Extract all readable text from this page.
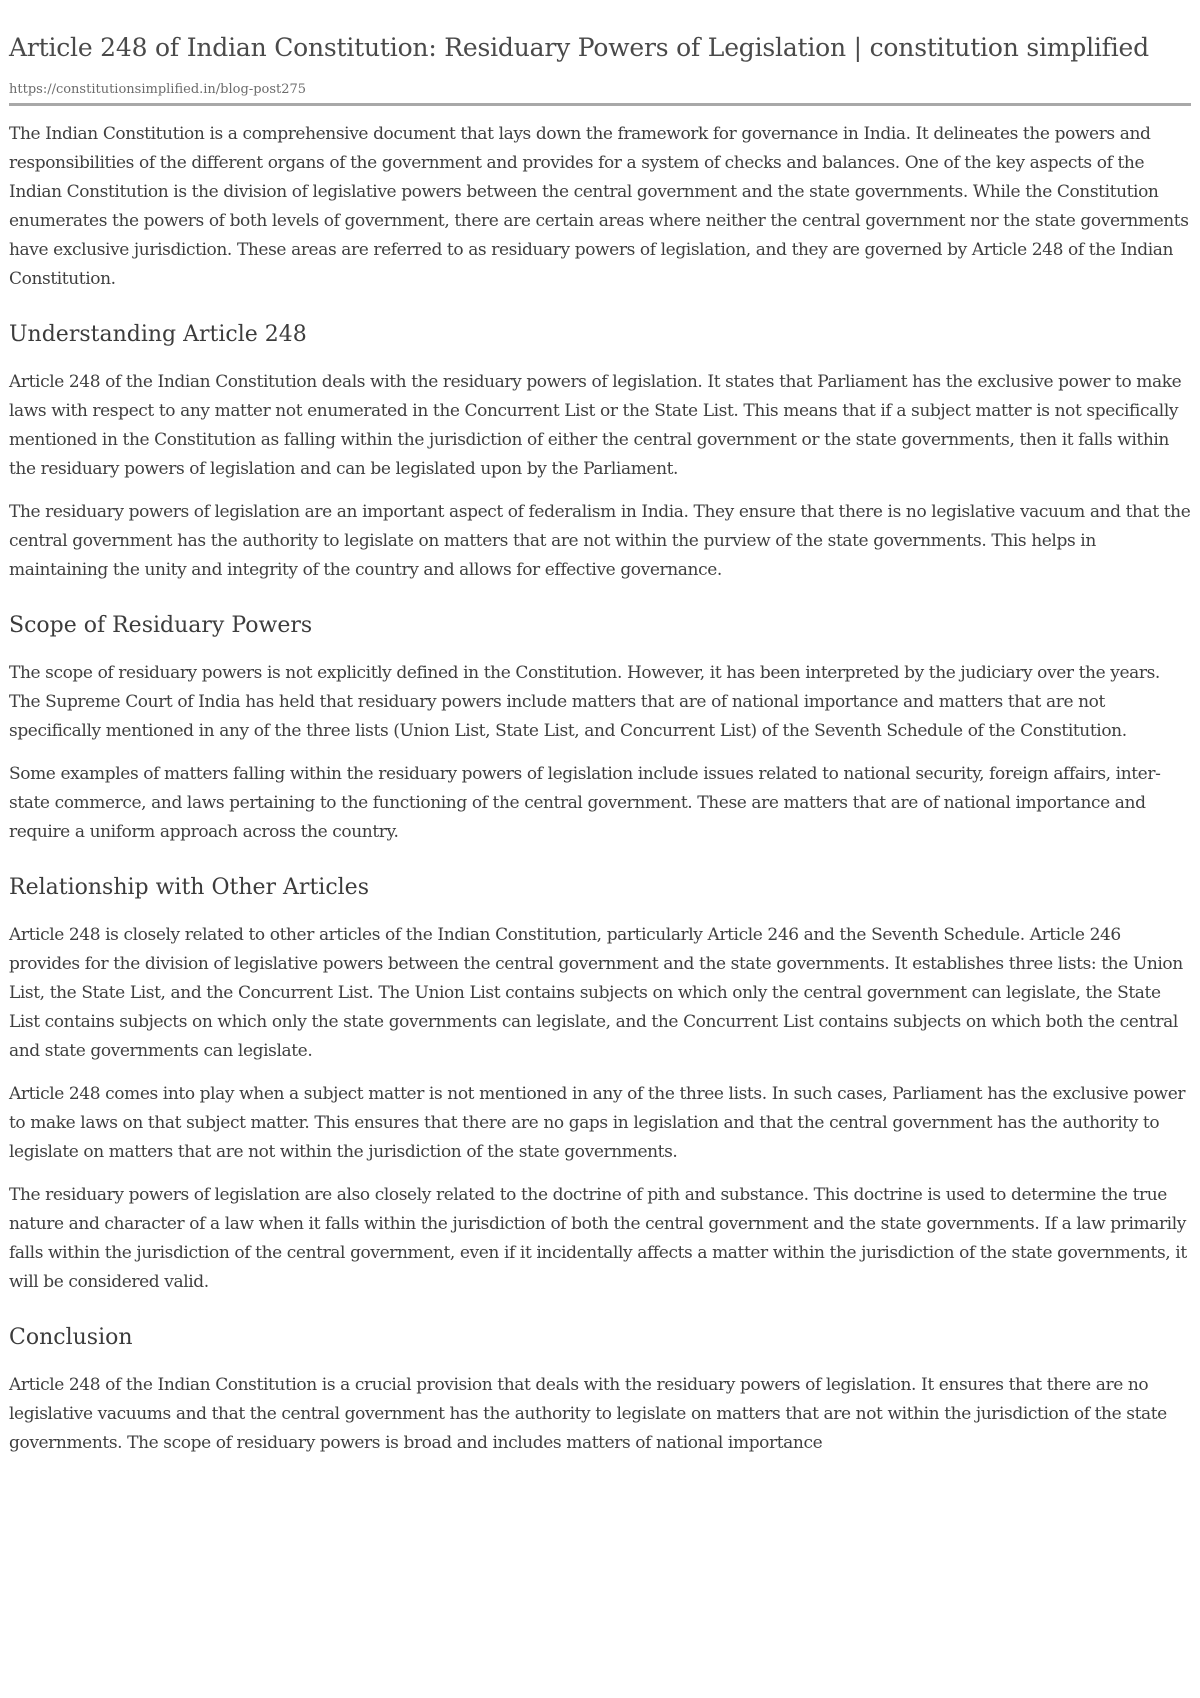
Article 248 of Indian Constitution: Residuary Powers of Legislation | constitution simplified
https://constitutionsimplified.in/blog-post275

The Indian Constitution is a comprehensive document that lays down the framework for governance in India. It delineates the powers and responsibilities of the different organs of the government and provides for a system of checks and balances. One of the key aspects of the Indian Constitution is the division of legislative powers between the central government and the state governments. While the Constitution enumerates the powers of both levels of government, there are certain areas where neither the central government nor the state governments have exclusive jurisdiction. These areas are referred to as residuary powers of legislation, and they are governed by Article 248 of the Indian Constitution.

Understanding Article 248

Article 248 of the Indian Constitution deals with the residuary powers of legislation. It states that Parliament has the exclusive power to make laws with respect to any matter not enumerated in the Concurrent List or the State List. This means that if a subject matter is not specifically mentioned in the Constitution as falling within the jurisdiction of either the central government or the state governments, then it falls within the residuary powers of legislation and can be legislated upon by the Parliament.

The residuary powers of legislation are an important aspect of federalism in India. They ensure that there is no legislative vacuum and that the central government has the authority to legislate on matters that are not within the purview of the state governments. This helps in maintaining the unity and integrity of the country and allows for effective governance.

Scope of Residuary Powers

The scope of residuary powers is not explicitly defined in the Constitution. However, it has been interpreted by the judiciary over the years. The Supreme Court of India has held that residuary powers include matters that are of national importance and matters that are not specifically mentioned in any of the three lists (Union List, State List, and Concurrent List) of the Seventh Schedule of the Constitution.

Some examples of matters falling within the residuary powers of legislation include issues related to national security, foreign affairs, inter-state commerce, and laws pertaining to the functioning of the central government. These are matters that are of national importance and require a uniform approach across the country.

Relationship with Other Articles

Article 248 is closely related to other articles of the Indian Constitution, particularly Article 246 and the Seventh Schedule. Article 246 provides for the division of legislative powers between the central government and the state governments. It establishes three lists: the Union List, the State List, and the Concurrent List. The Union List contains subjects on which only the central government can legislate, the State List contains subjects on which only the state governments can legislate, and the Concurrent List contains subjects on which both the central and state governments can legislate.

Article 248 comes into play when a subject matter is not mentioned in any of the three lists. In such cases, Parliament has the exclusive power to make laws on that subject matter. This ensures that there are no gaps in legislation and that the central government has the authority to legislate on matters that are not within the jurisdiction of the state governments.

The residuary powers of legislation are also closely related to the doctrine of pith and substance. This doctrine is used to determine the true nature and character of a law when it falls within the jurisdiction of both the central government and the state governments. If a law primarily falls within the jurisdiction of the central government, even if it incidentally affects a matter within the jurisdiction of the state governments, it will be considered valid.

Conclusion

Article 248 of the Indian Constitution is a crucial provision that deals with the residuary powers of legislation. It ensures that there are no legislative vacuums and that the central government has the authority to legislate on matters that are not within the jurisdiction of the state governments. The scope of residuary powers is broad and includes matters of national importance
